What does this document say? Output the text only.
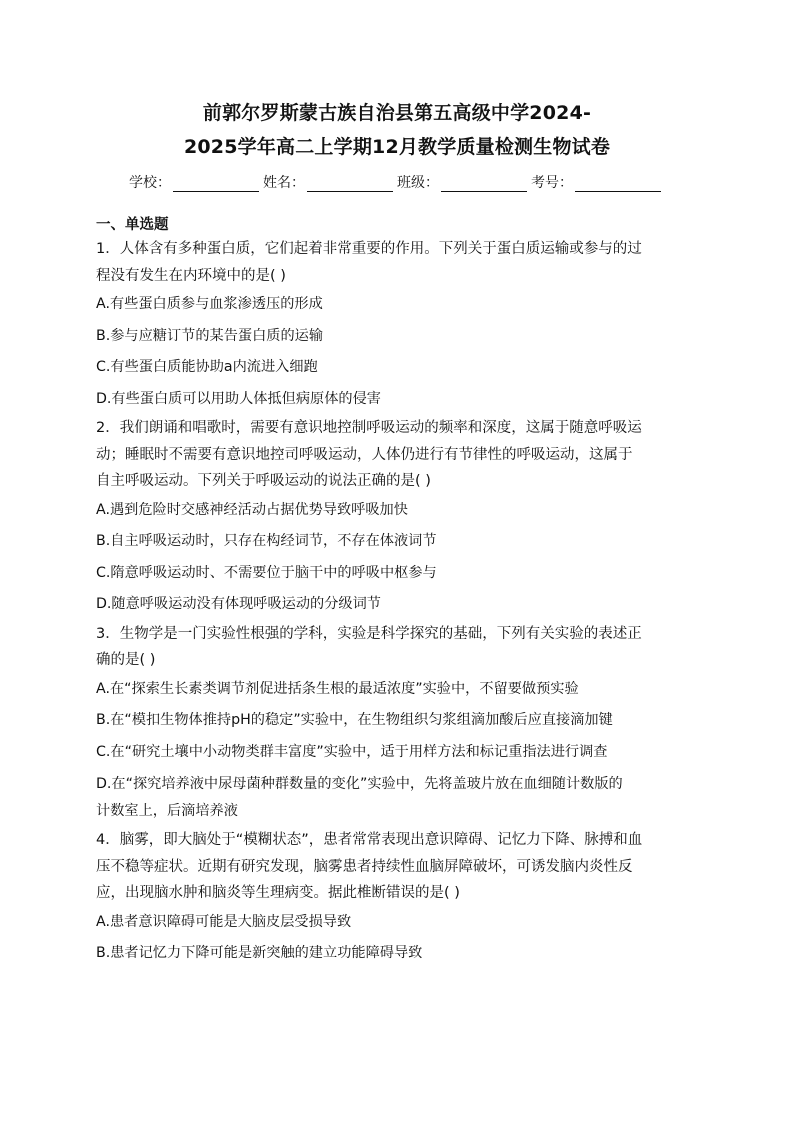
前郭尔罗斯蒙古族自治县第五高级中学2024-
2025学年高二上学期12月教学质量检测生物试卷
学校：	姓名：	班级：	考号：
一、单选题

1．人体含有多种蛋白质，它们起着非常重要的作用。下列关于蛋白质运输或参与的过
程没有发生在内环境中的是( )

A.有些蛋白质参与血浆渗透压的形成

B.参与应糖订节的某告蛋白质的运输

C.有些蛋白质能协助a内流进入细跑

D.有些蛋白质可以用助人体抵但病原体的侵害

2．我们朗诵和唱歌时，需要有意识地控制呼吸运动的频率和深度，这属于随意呼吸运
动；睡眠时不需要有意识地控司呼吸运动，人体仍进行有节律性的呼吸运动，这属于
自主呼吸运动。下列关于呼吸运动的说法正确的是( )

A.遇到危险时交感神经活动占据优势导致呼吸加快

B.自主呼吸运动时，只存在构经词节，不存在体液词节

C.隋意呼吸运动时、不需要位于脑干中的呼吸中枢参与

D.随意呼吸运动没有体现呼吸运动的分级词节

3．生物学是一门实验性根强的学科，实验是科学探究的基础，下列有关实验的表述正
确的是( )

A.在“探索生长素类调节剂促进括条生根的最适浓度”实验中，不留要做预实验

B.在“模扣生物体推持pH的稳定”实验中，在生物组织匀浆组滴加酸后应直接滴加键

C.在“研究土壤中小动物类群丰富度”实验中，适于用样方法和标记重指法进行调查

D.在“探究培养液中尿母菌种群数量的变化”实验中，先将盖玻片放在血细随计数版的
计数室上，后滴培养液

4．脑雾，即大脑处于“模糊状态”，患者常常表现出意识障碍、记忆力下降、脉搏和血
压不稳等症状。近期有研究发现，脑雾患者持续性血脑屏障破坏，可诱发脑内炎性反
应，出现脑水肿和脑炎等生理病变。据此椎断错误的是( )

A.患者意识障碍可能是大脑皮层受损导致

B.患者记忆力下降可能是新突触的建立功能障碍导致
